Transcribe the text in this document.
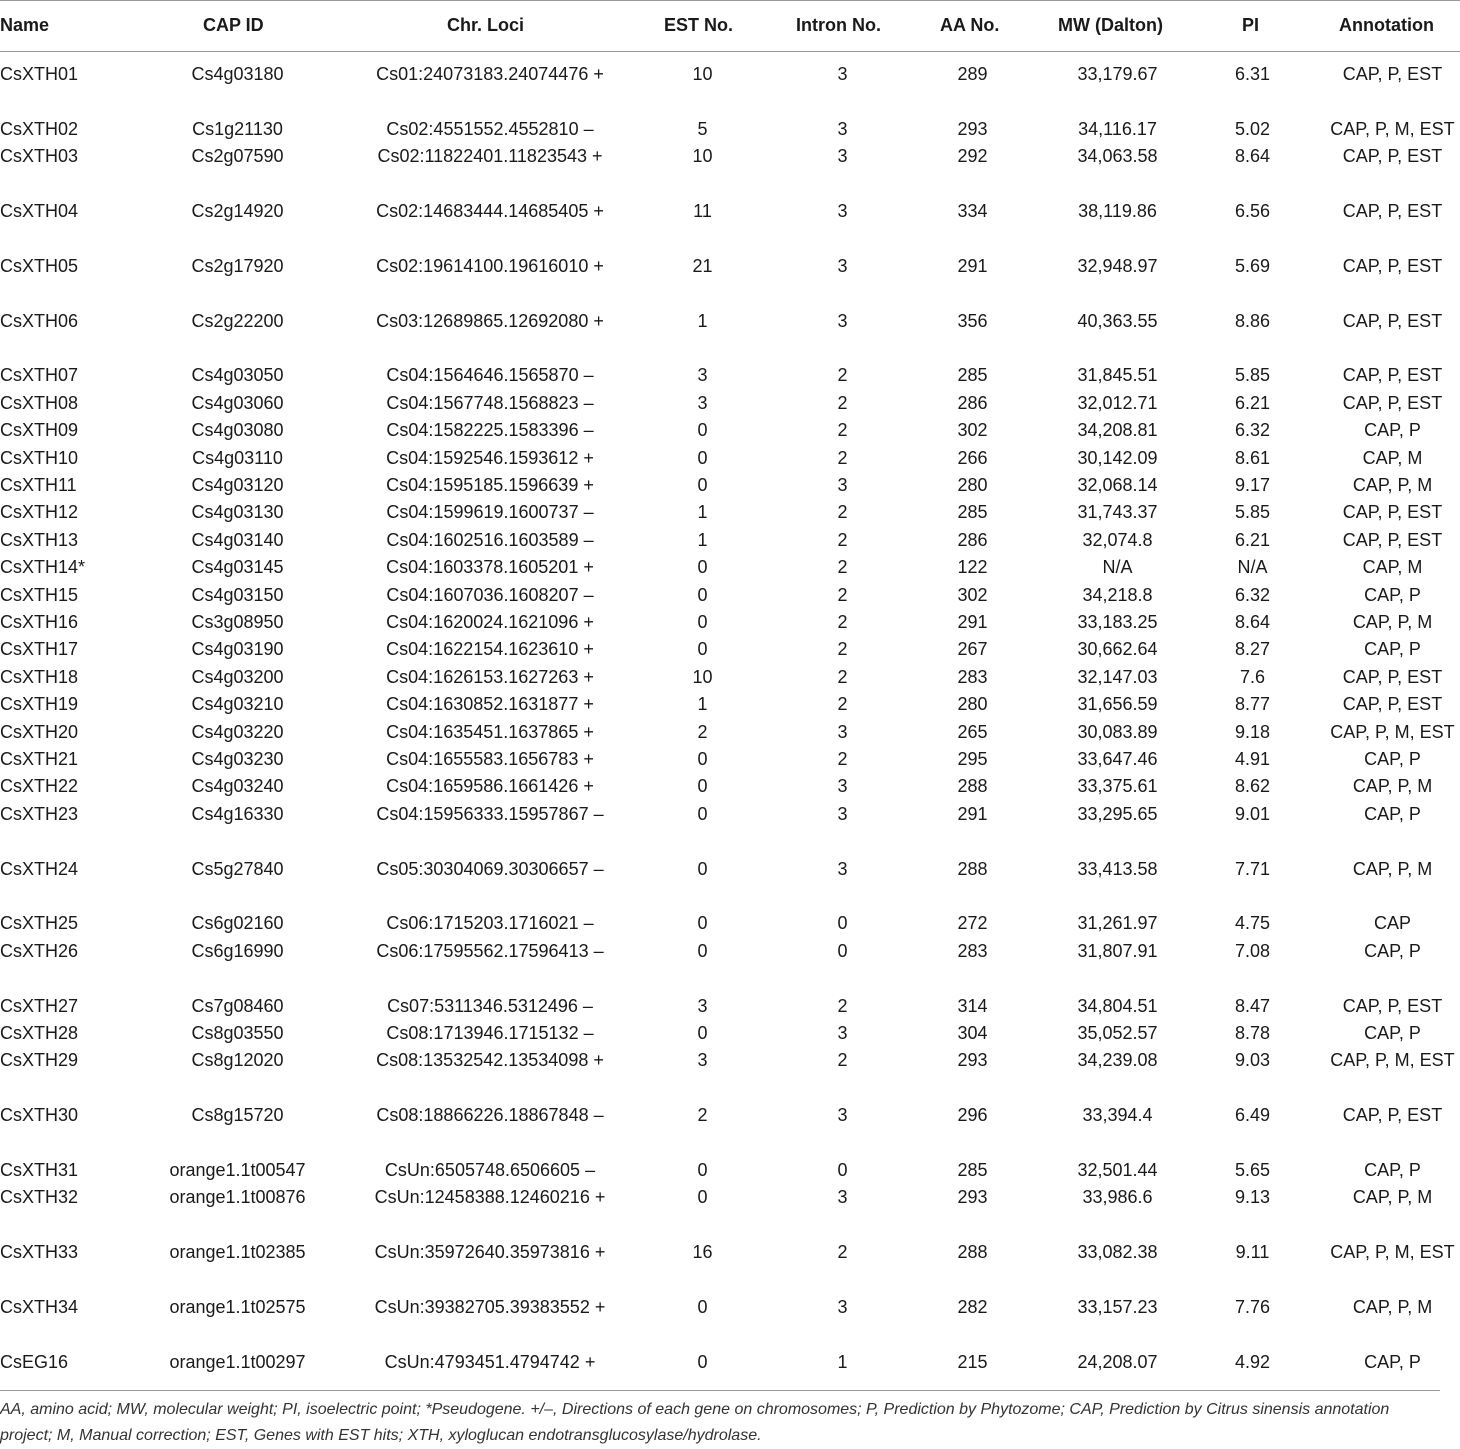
Name	CAP ID	Chr. Loci	EST No.	Intron No.	AA No.	MW (Dalton)	PI	Annotation
CsXTH01	Cs4g03180	Cs01:24073183.24074476 +	10	3	289	33,179.67	6.31	CAP, P, EST
CsXTH02	Cs1g21130	Cs02:4551552.4552810 –	5	3	293	34,116.17	5.02	CAP, P, M, EST
CsXTH03	Cs2g07590	Cs02:11822401.11823543 +	10	3	292	34,063.58	8.64	CAP, P, EST
CsXTH04	Cs2g14920	Cs02:14683444.14685405 +	11	3	334	38,119.86	6.56	CAP, P, EST
CsXTH05	Cs2g17920	Cs02:19614100.19616010 +	21	3	291	32,948.97	5.69	CAP, P, EST
CsXTH06	Cs2g22200	Cs03:12689865.12692080 +	1	3	356	40,363.55	8.86	CAP, P, EST
CsXTH07	Cs4g03050	Cs04:1564646.1565870 –	3	2	285	31,845.51	5.85	CAP, P, EST
CsXTH08	Cs4g03060	Cs04:1567748.1568823 –	3	2	286	32,012.71	6.21	CAP, P, EST
CsXTH09	Cs4g03080	Cs04:1582225.1583396 –	0	2	302	34,208.81	6.32	CAP, P
CsXTH10	Cs4g03110	Cs04:1592546.1593612 +	0	2	266	30,142.09	8.61	CAP, M
CsXTH11	Cs4g03120	Cs04:1595185.1596639 +	0	3	280	32,068.14	9.17	CAP, P, M
CsXTH12	Cs4g03130	Cs04:1599619.1600737 –	1	2	285	31,743.37	5.85	CAP, P, EST
CsXTH13	Cs4g03140	Cs04:1602516.1603589 –	1	2	286	32,074.8	6.21	CAP, P, EST
CsXTH14*	Cs4g03145	Cs04:1603378.1605201 +	0	2	122	N/A	N/A	CAP, M
CsXTH15	Cs4g03150	Cs04:1607036.1608207 –	0	2	302	34,218.8	6.32	CAP, P
CsXTH16	Cs3g08950	Cs04:1620024.1621096 +	0	2	291	33,183.25	8.64	CAP, P, M
CsXTH17	Cs4g03190	Cs04:1622154.1623610 +	0	2	267	30,662.64	8.27	CAP, P
CsXTH18	Cs4g03200	Cs04:1626153.1627263 +	10	2	283	32,147.03	7.6	CAP, P, EST
CsXTH19	Cs4g03210	Cs04:1630852.1631877 +	1	2	280	31,656.59	8.77	CAP, P, EST
CsXTH20	Cs4g03220	Cs04:1635451.1637865 +	2	3	265	30,083.89	9.18	CAP, P, M, EST
CsXTH21	Cs4g03230	Cs04:1655583.1656783 +	0	2	295	33,647.46	4.91	CAP, P
CsXTH22	Cs4g03240	Cs04:1659586.1661426 +	0	3	288	33,375.61	8.62	CAP, P, M
CsXTH23	Cs4g16330	Cs04:15956333.15957867 –	0	3	291	33,295.65	9.01	CAP, P
CsXTH24	Cs5g27840	Cs05:30304069.30306657 –	0	3	288	33,413.58	7.71	CAP, P, M
CsXTH25	Cs6g02160	Cs06:1715203.1716021 –	0	0	272	31,261.97	4.75	CAP
CsXTH26	Cs6g16990	Cs06:17595562.17596413 –	0	0	283	31,807.91	7.08	CAP, P
CsXTH27	Cs7g08460	Cs07:5311346.5312496 –	3	2	314	34,804.51	8.47	CAP, P, EST
CsXTH28	Cs8g03550	Cs08:1713946.1715132 –	0	3	304	35,052.57	8.78	CAP, P
CsXTH29	Cs8g12020	Cs08:13532542.13534098 +	3	2	293	34,239.08	9.03	CAP, P, M, EST
CsXTH30	Cs8g15720	Cs08:18866226.18867848 –	2	3	296	33,394.4	6.49	CAP, P, EST
CsXTH31	orange1.1t00547	CsUn:6505748.6506605 –	0	0	285	32,501.44	5.65	CAP, P
CsXTH32	orange1.1t00876	CsUn:12458388.12460216 +	0	3	293	33,986.6	9.13	CAP, P, M
CsXTH33	orange1.1t02385	CsUn:35972640.35973816 +	16	2	288	33,082.38	9.11	CAP, P, M, EST
CsXTH34	orange1.1t02575	CsUn:39382705.39383552 +	0	3	282	33,157.23	7.76	CAP, P, M
CsEG16	orange1.1t00297	CsUn:4793451.4794742 +	0	1	215	24,208.07	4.92	CAP, P
AA, amino acid; MW, molecular weight; PI, isoelectric point; *Pseudogene. +/–, Directions of each gene on chromosomes; P, Prediction by Phytozome; CAP, Prediction by Citrus sinensis annotation project; M, Manual correction; EST, Genes with EST hits; XTH, xyloglucan endotransglucosylase/hydrolase.
